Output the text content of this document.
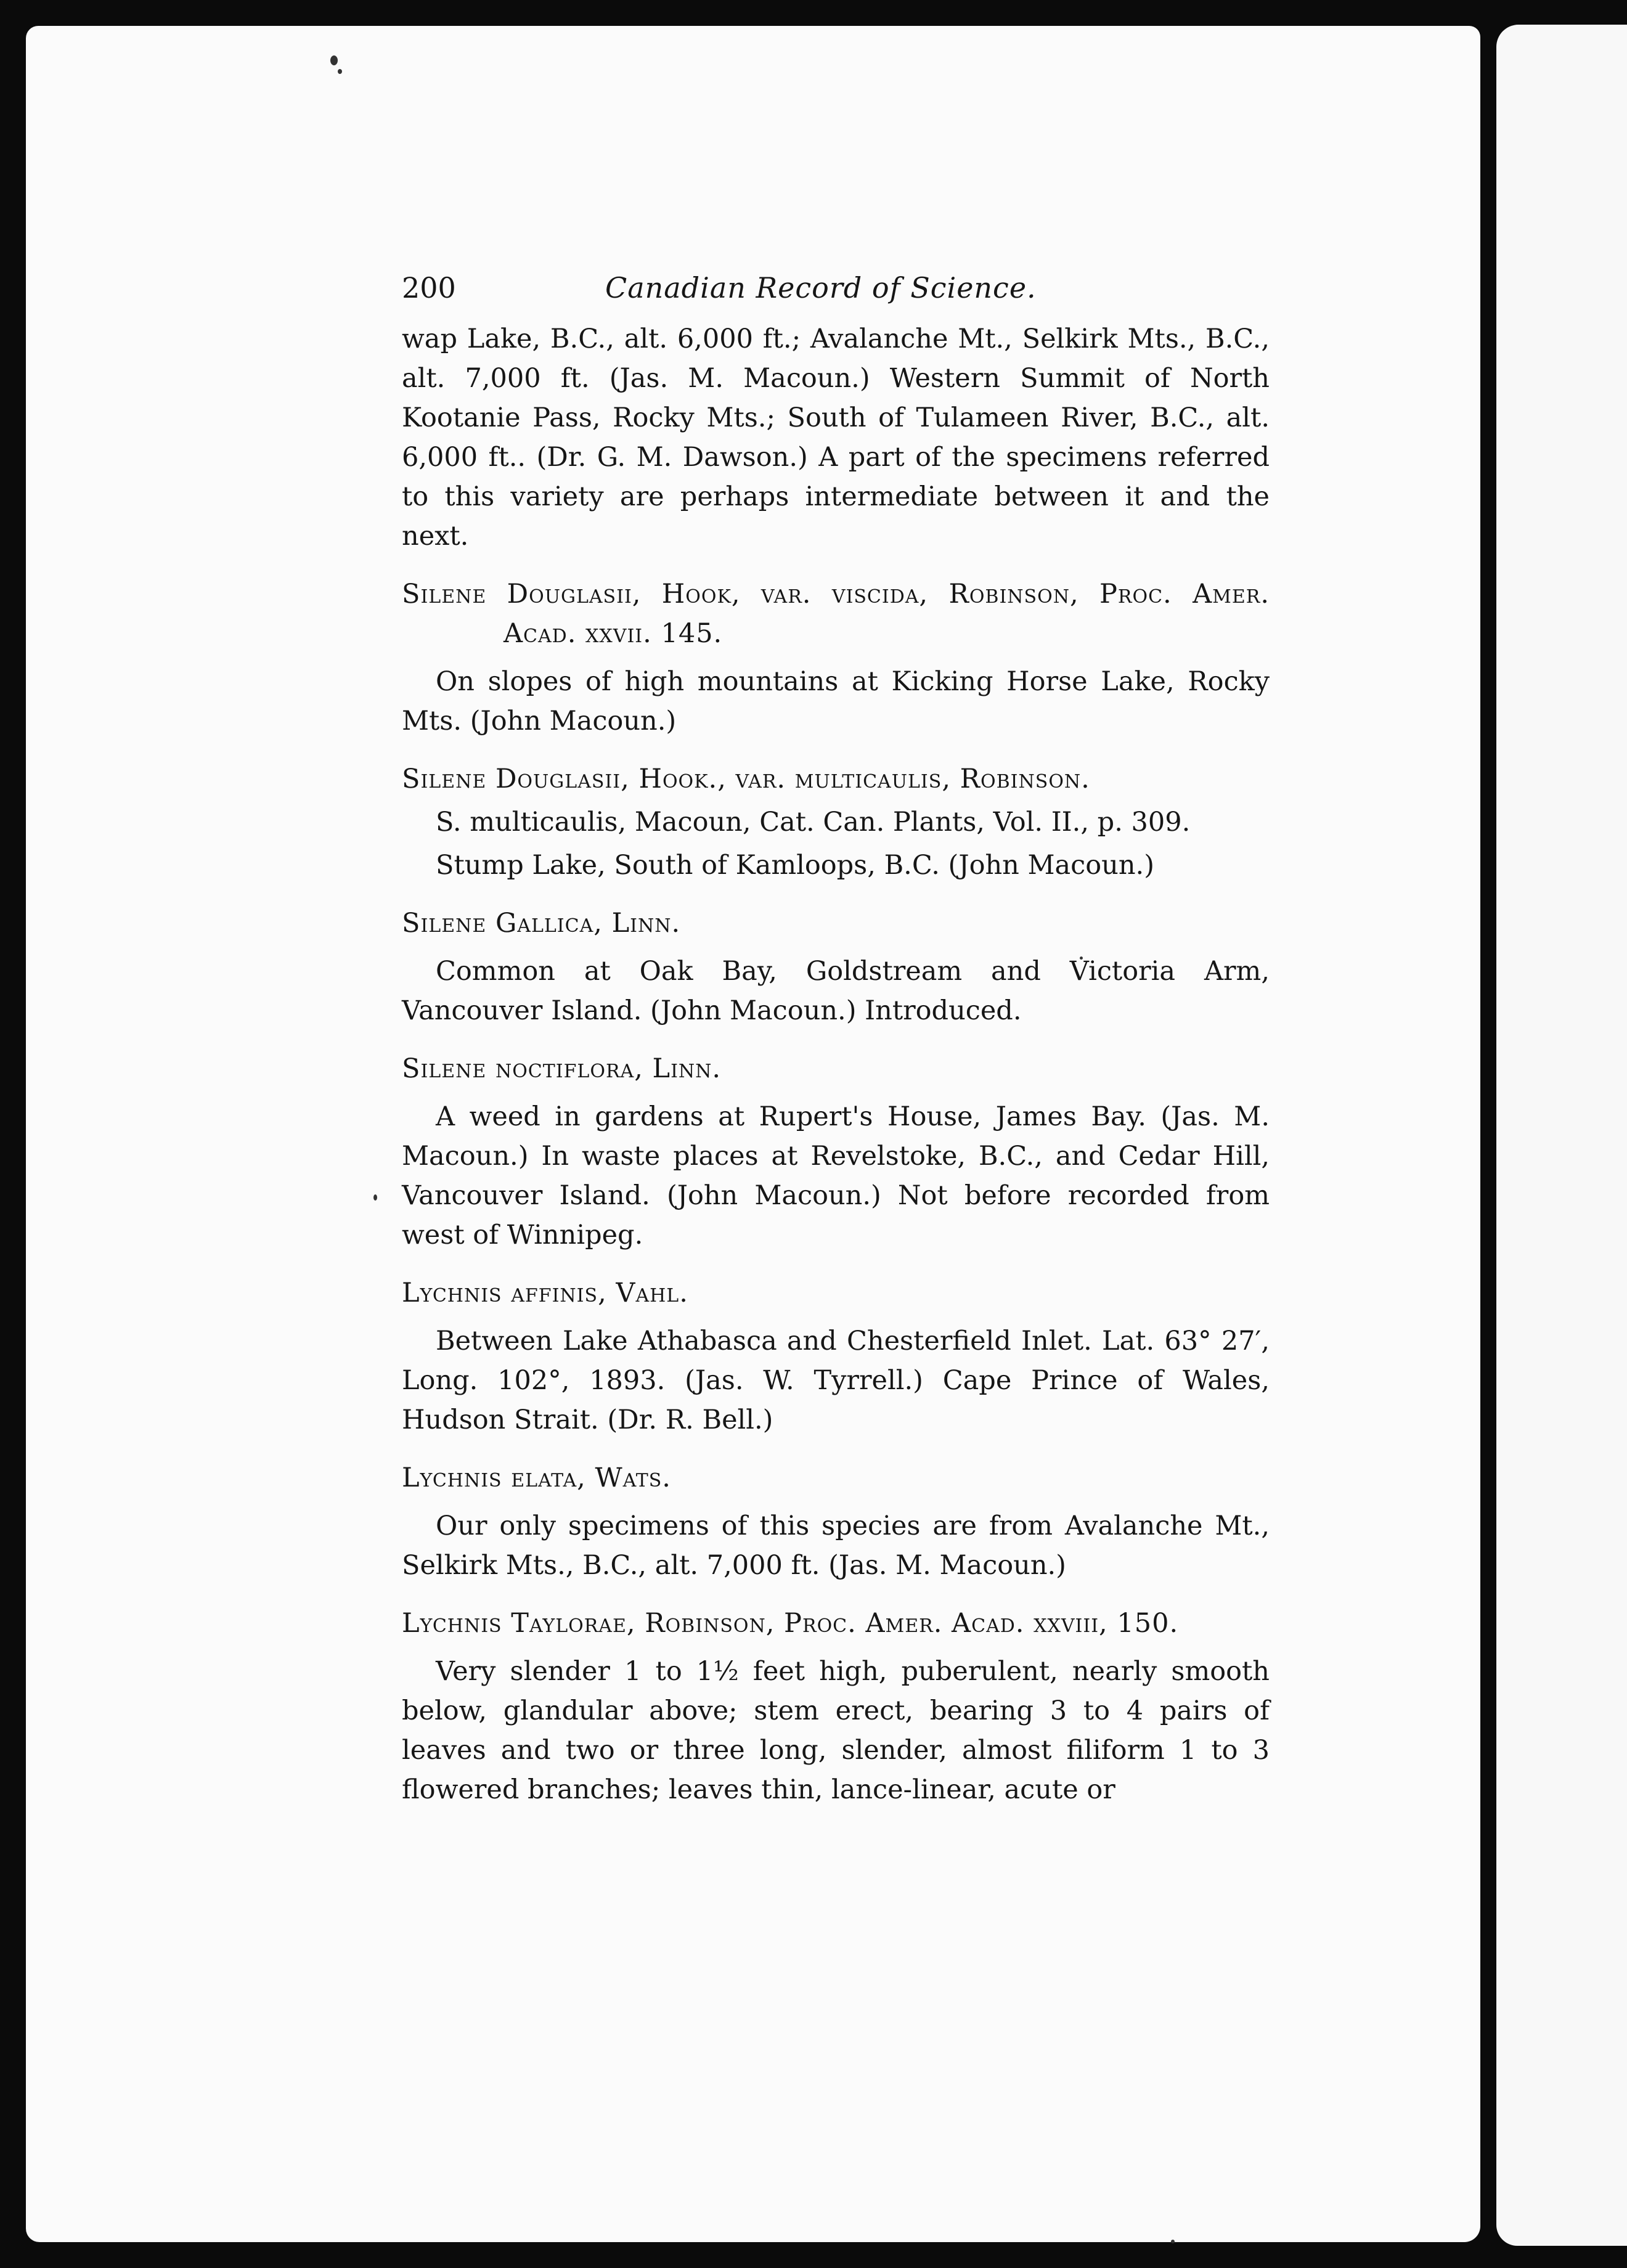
200	Canadian Record of Science.

wap Lake, B.C., alt. 6,000 ft.; Avalanche Mt., Selkirk Mts., B.C., alt. 7,000 ft. (Jas. M. Macoun.) Western Summit of North Kootanie Pass, Rocky Mts.; South of Tulameen River, B.C., alt. 6,000 ft.. (Dr. G. M. Dawson.) A part of the specimens referred to this variety are perhaps intermediate between it and the next.

Silene Douglasii, Hook, var. viscida, Robinson, Proc. Amer. Acad. xxvii. 145.

On slopes of high mountains at Kicking Horse Lake, Rocky Mts. (John Macoun.)

Silene Douglasii, Hook., var. multicaulis, Robinson.

S. multicaulis, Macoun, Cat. Can. Plants, Vol. II., p. 309.

Stump Lake, South of Kamloops, B.C. (John Macoun.)

Silene Gallica, Linn.

Common at Oak Bay, Goldstream and Victoria Arm, Vancouver Island. (John Macoun.) Introduced.

Silene noctiflora, Linn.

A weed in gardens at Rupert's House, James Bay. (Jas. M. Macoun.) In waste places at Revelstoke, B.C., and Cedar Hill, Vancouver Island. (John Macoun.) Not before recorded from west of Winnipeg.

Lychnis affinis, Vahl.

Between Lake Athabasca and Chesterfield Inlet. Lat. 63° 27′, Long. 102°, 1893. (Jas. W. Tyrrell.) Cape Prince of Wales, Hudson Strait. (Dr. R. Bell.)

Lychnis elata, Wats.

Our only specimens of this species are from Avalanche Mt., Selkirk Mts., B.C., alt. 7,000 ft. (Jas. M. Macoun.)

Lychnis Taylorae, Robinson, Proc. Amer. Acad. xxviii, 150.

Very slender 1 to 1½ feet high, puberulent, nearly smooth below, glandular above; stem erect, bearing 3 to 4 pairs of leaves and two or three long, slender, almost filiform 1 to 3 flowered branches; leaves thin, lance-linear, acute or
